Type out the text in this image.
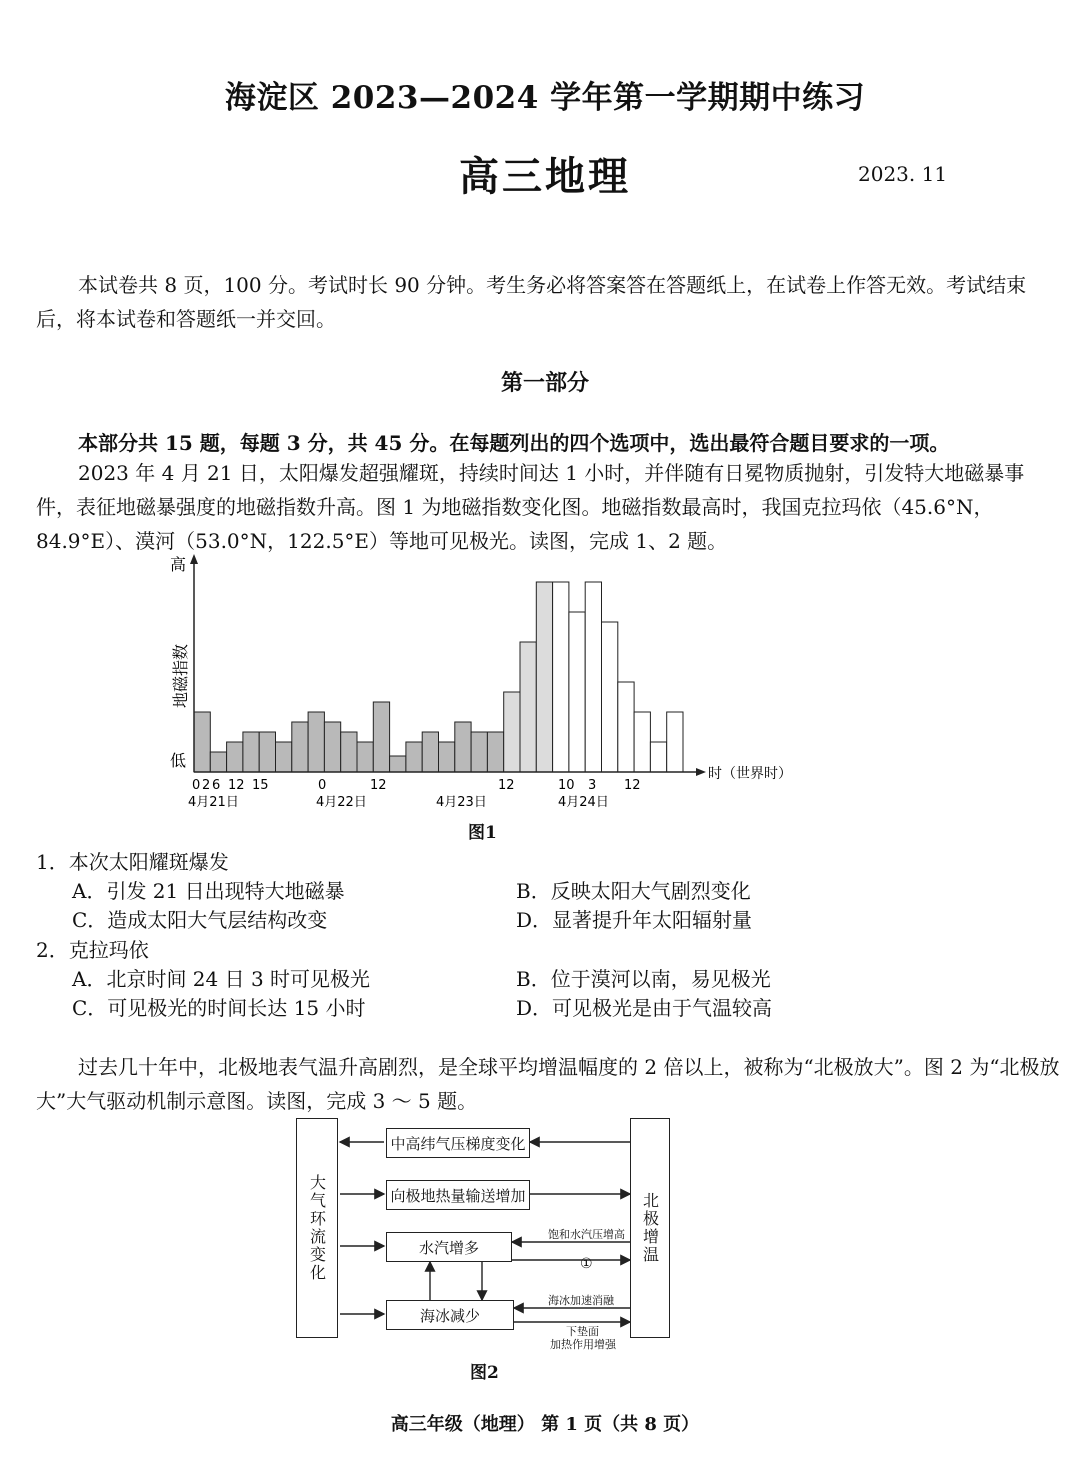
海淀区 2023—2024 学年第一学期期中练习
高三地理	2023. 11
本试卷共 8 页，100 分。考试时长 90 分钟。考生务必将答案答在答题纸上，在试卷上作答无效。考试结束后，将本试卷和答题纸一并交回。
第一部分
本部分共 15 题，每题 3 分，共 45 分。在每题列出的四个选项中，选出最符合题目要求的一项。
2023 年 4 月 21 日，太阳爆发超强耀斑，持续时间达 1 小时，并伴随有日冕物质抛射，引发特大地磁暴事件，表征地磁暴强度的地磁指数升高。图 1 为地磁指数变化图。地磁指数最高时，我国克拉玛依（45.6°N，84.9°E）、漠河（53.0°N，122.5°E）等地可见极光。读图，完成 1、2 题。
高
低
地磁指数
时（世界时）
0 2 6 12 15	0	12	12	10 3 12
4月21日	4月22日	4月23日	4月24日
图1
1．本次太阳耀斑爆发
A．引发 21 日出现特大地磁暴	B．反映太阳大气剧烈变化
C．造成太阳大气层结构改变	D．显著提升年太阳辐射量
2．克拉玛依
A．北京时间 24 日 3 时可见极光	B．位于漠河以南，易见极光
C．可见极光的时间长达 15 小时	D．可见极光是由于气温较高
过去几十年中，北极地表气温升高剧烈，是全球平均增温幅度的 2 倍以上，被称为“北极放大”。图 2 为“北极放大”大气驱动机制示意图。读图，完成 3 ～ 5 题。
大气环流变化	北极增温
中高纬气压梯度变化
向极地热量输送增加
水汽增多
海冰减少
饱和水汽压增高
①
海冰加速消融
下垫面
加热作用增强
图2
高三年级（地理） 第 1 页（共 8 页）
